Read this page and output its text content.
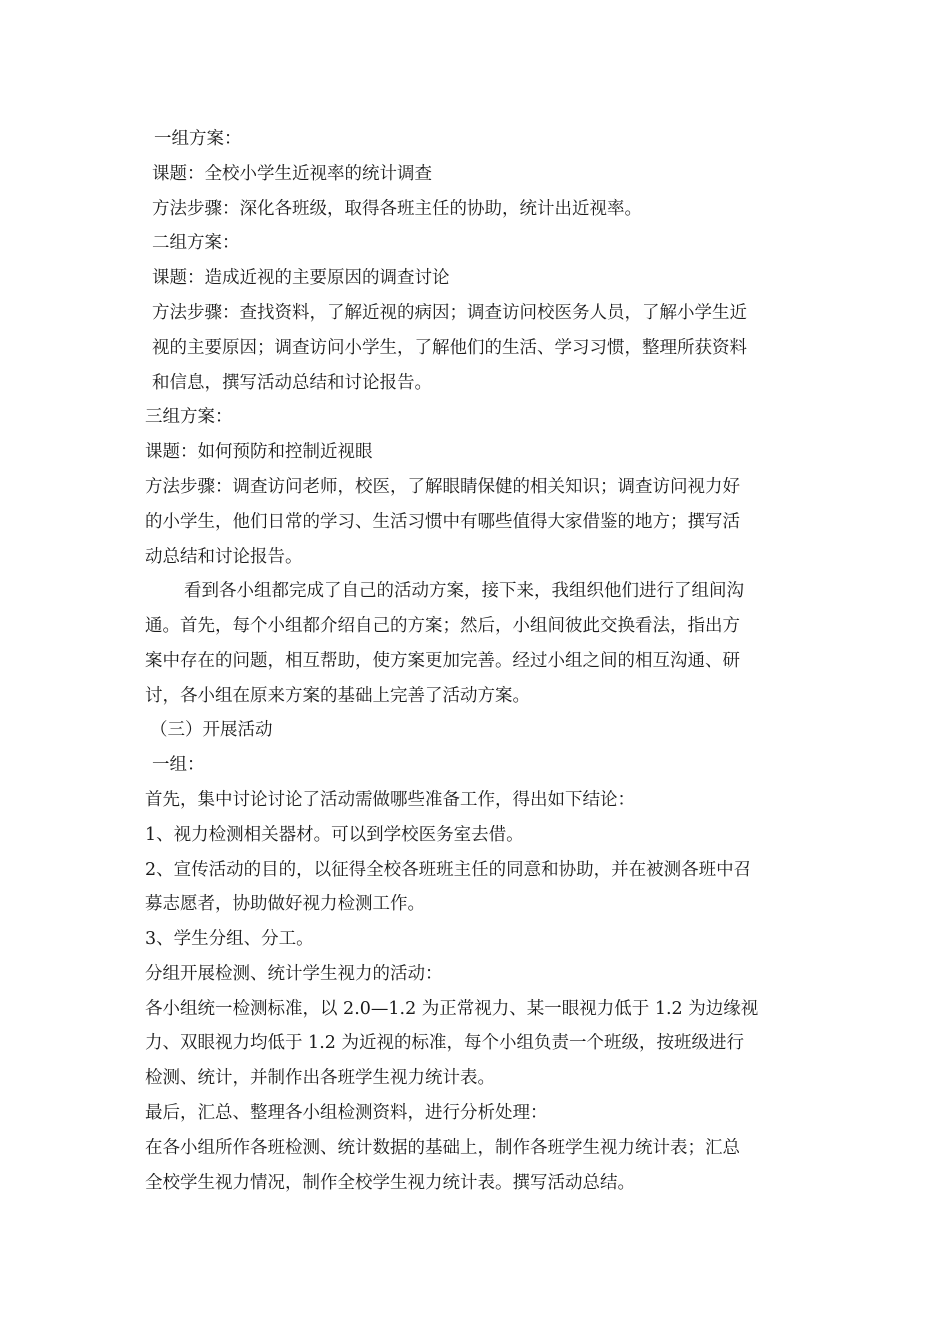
一组方案：
课题：全校小学生近视率的统计调查
方法步骤：深化各班级，取得各班主任的协助，统计出近视率。
二组方案：
课题：造成近视的主要原因的调查讨论
方法步骤：查找资料，了解近视的病因；调查访问校医务人员，了解小学生近
视的主要原因；调查访问小学生，了解他们的生活、学习习惯，整理所获资料
和信息，撰写活动总结和讨论报告。
三组方案：
课题：如何预防和控制近视眼
方法步骤：调查访问老师，校医，了解眼睛保健的相关知识；调查访问视力好
的小学生，他们日常的学习、生活习惯中有哪些值得大家借鉴的地方；撰写活
动总结和讨论报告。
看到各小组都完成了自己的活动方案，接下来，我组织他们进行了组间沟
通。首先，每个小组都介绍自己的方案；然后，小组间彼此交换看法，指出方
案中存在的问题，相互帮助，使方案更加完善。经过小组之间的相互沟通、研
讨，各小组在原来方案的基础上完善了活动方案。
（三）开展活动
一组：
首先，集中讨论讨论了活动需做哪些准备工作，得出如下结论：
1、视力检测相关器材。可以到学校医务室去借。
2、宣传活动的目的，以征得全校各班班主任的同意和协助，并在被测各班中召
募志愿者，协助做好视力检测工作。
3、学生分组、分工。
分组开展检测、统计学生视力的活动：
各小组统一检测标准，以 2.0—1.2 为正常视力、某一眼视力低于 1.2 为边缘视
力、双眼视力均低于 1.2 为近视的标准，每个小组负责一个班级，按班级进行
检测、统计，并制作出各班学生视力统计表。
最后，汇总、整理各小组检测资料，进行分析处理：
在各小组所作各班检测、统计数据的基础上，制作各班学生视力统计表；汇总
全校学生视力情况，制作全校学生视力统计表。撰写活动总结。
